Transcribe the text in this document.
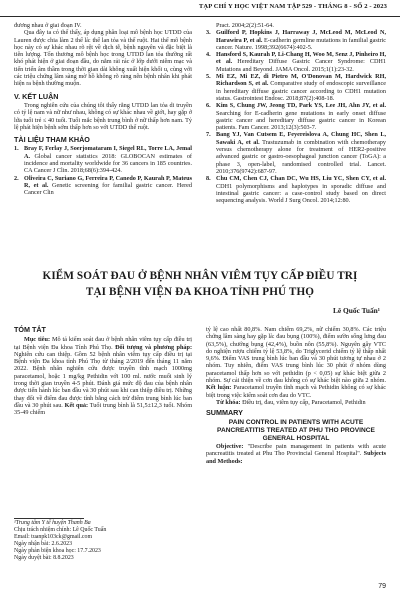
TẠP CHÍ Y HỌC VIỆT NAM TẬP 529 - THÁNG 8 - SỐ 2 - 2023

đương nhau ở giai đoạn IV.

Qua đây ta có thể thấy, áp dụng phân loại mô bệnh học UTDD của Lauren được chia làm 2 thể là: thể lan tỏa và thể ruột. Hai thể mô bệnh học này có sự khác nhau rõ rệt về dịch tễ, bệnh nguyên và đặc biệt là tiên lượng. Tổn thương mô bệnh học trong UTDD lan tỏa thường rất khó phát hiện ở giai đoạn đầu, do nằm rải rác ở lớp dưới niêm mạc và tiến triển âm thầm trong thời gian dài không xuất hiện khối u, cùng với các triệu chứng lâm sàng mờ hồ không rõ ràng nên bệnh nhân khi phát hiện ra bệnh thường muộn.

V. KẾT LUẬN

Trong nghiên cứu của chúng tôi thấy rằng UTDD lan tỏa di truyền có tỷ lệ nam và nữ như nhau, không có sự khác nhau về giới, hay gặp ở lứa tuổi trẻ ≤ 40 tuổi. Tuổi mắc bệnh trung bình ở nữ thấp hơn nam. Tỷ lệ phát hiện bệnh sớm thấp hơn so với UTDD thể ruột.

TÀI LIỆU THAM KHẢO
1. Bray F, Ferlay J, Soerjomataram I, Siegel RL, Torre LA, Jemal A. Global cancer statistics 2018: GLOBOCAN estimates of incidence and mortality worldwide for 36 cancers in 185 countries. CA Cancer J Clin. 2018;68(6):394-424.
2. Oliveira C, Suriano G, Ferreira P, Canedo P, Kaurah P, Mateus R, et al. Genetic screening for familial gastric cancer. Hered Cancer Clin
Pract. 2004;2(2):51-64.
3. Guilford P, Hopkins J, Harraway J, McLeod M, McLeod N, Harawira P, et al. E-cadherin germline mutations in familial gastric cancer. Nature. 1998;392(6674):402-5.
4. Hansford S, Kaurah P, Li-Chang H, Woo M, Senz J, Pinheiro H, et al. Hereditary Diffuse Gastric Cancer Syndrome: CDH1 Mutations and Beyond. JAMA Oncol. 2015;1(1):23-32.
5. Mi EZ, Mi EZ, di Pietro M, O'Donovan M, Hardwick RH, Richardson S, et al. Comparative study of endoscopic surveillance in hereditary diffuse gastric cancer according to CDH1 mutation status. Gastrointest Endosc. 2018;87(2):408-18.
6. Kim S, Chung JW, Jeong TD, Park YS, Lee JH, Ahn JY, et al. Searching for E-cadherin gene mutations in early onset diffuse gastric cancer and hereditary diffuse gastric cancer in Korean patients. Fam Cancer. 2013;12(3):503-7.
7. Bang YJ, Van Cutsem E, Feyereislova A, Chung HC, Shen L, Sawaki A, et al. Trastuzumab in combination with chemotherapy versus chemotherapy alone for treatment of HER2-positive advanced gastric or gastro-oesophageal junction cancer (ToGA): a phase 3, open-label, randomised controlled trial. Lancet. 2010;376(9742):687-97.
8. Chu CM, Chen CJ, Chan DC, Wu HS, Liu YC, Shen CY, et al. CDH1 polymorphisms and haplotypes in sporadic diffuse and intestinal gastric cancer: a case-control study based on direct sequencing analysis. World J Surg Oncol. 2014;12:80.
KIỂM SOÁT ĐAU Ở BỆNH NHÂN VIÊM TỤY CẤP ĐIỀU TRỊ
TẠI BỆNH VIỆN ĐA KHOA TỈNH PHÚ THỌ
Lê Quốc Tuấn¹
TÓM TẮT

Mục tiêu: Mô tả kiểm soát đau ở bệnh nhân viêm tụy cấp điều trị tại Bệnh viện Đa khoa Tỉnh Phú Thọ. Đối tượng và phương pháp: Nghiên cứu can thiệp. Gồm 52 bệnh nhân viêm tụy cấp điều trị tại Bệnh viện Đa khoa tỉnh Phú Thọ từ tháng 2/2019 đến tháng 11 năm 2022. Bệnh nhân nghiên cứu được truyền tĩnh mạch 1000mg paracetamol, hoặc 1 mg/kg Pethidin với 100 ml. nước muối sinh lý trong thời gian truyền 4-5 phút. Đánh giá mức độ đau của bệnh nhân được tiến hành lúc ban đầu và 30 phút sau khi can thiệp điều trị. Những thay đổi về điểm đau được tính bằng cách trừ điểm trung bình lúc ban đầu và 30 phút sau. Kết quả: Tuổi trung bình là 51,5±12,3 tuổi. Nhóm 35-49 chiếm

tỷ lệ cao nhất 80,8%. Nam chiếm 69,2%, nữ chiếm 30,8%. Các triệu chứng lâm sàng hay gặp là: đau bụng (100%), điểm sườn sống lưng đau (63,5%), chướng bụng (42,4%), buồn nôn (55,8%). Nguyên gây VTC do nghiện rượu chiếm tỷ lệ 53,8%, do Triglycerid chiếm tỷ lệ thấp nhất 9,6%. Điểm VAS trung bình lúc ban đầu và 30 phút tương tự nhau ở 2 nhóm. Tuy nhiên, điểm VAS trung bình lúc 30 phút ở nhóm dùng paracetamol thấp hơn so với pethidin (p < 0,05) sự khác biệt giữa 2 nhóm. Sự cải thiện về cơn đau không có sự khác biệt nào giữa 2 nhóm. Kết luận: Paracetamol truyền tĩnh mạch và Pethidin không có sự khác biệt trong việc kiểm soát cơn đau do VTC.

Từ khóa: Điều trị, đau, viêm tụy cấp, Paracetamol, Pethidin

SUMMARY
PAIN CONTROL IN PATIENTS WITH ACUTE PANCREATITIS TREATED AT PHU THO PROVINCE GENERAL HOSPITAL

Objective: "Describe pain management in patients with acute pancreatitis treated at Phu Tho Provincial General Hospital". Subjects and Methods:

¹Trung tâm Y tế huyện Thanh Ba
Chịu trách nhiệm chính: Lê Quốc Tuấn
Email: tuanpk103ck@gmail.com
Ngày nhận bài: 2.6.2023
Ngày phản biện khoa học: 17.7.2023
Ngày duyệt bài: 8.8.2023
79
